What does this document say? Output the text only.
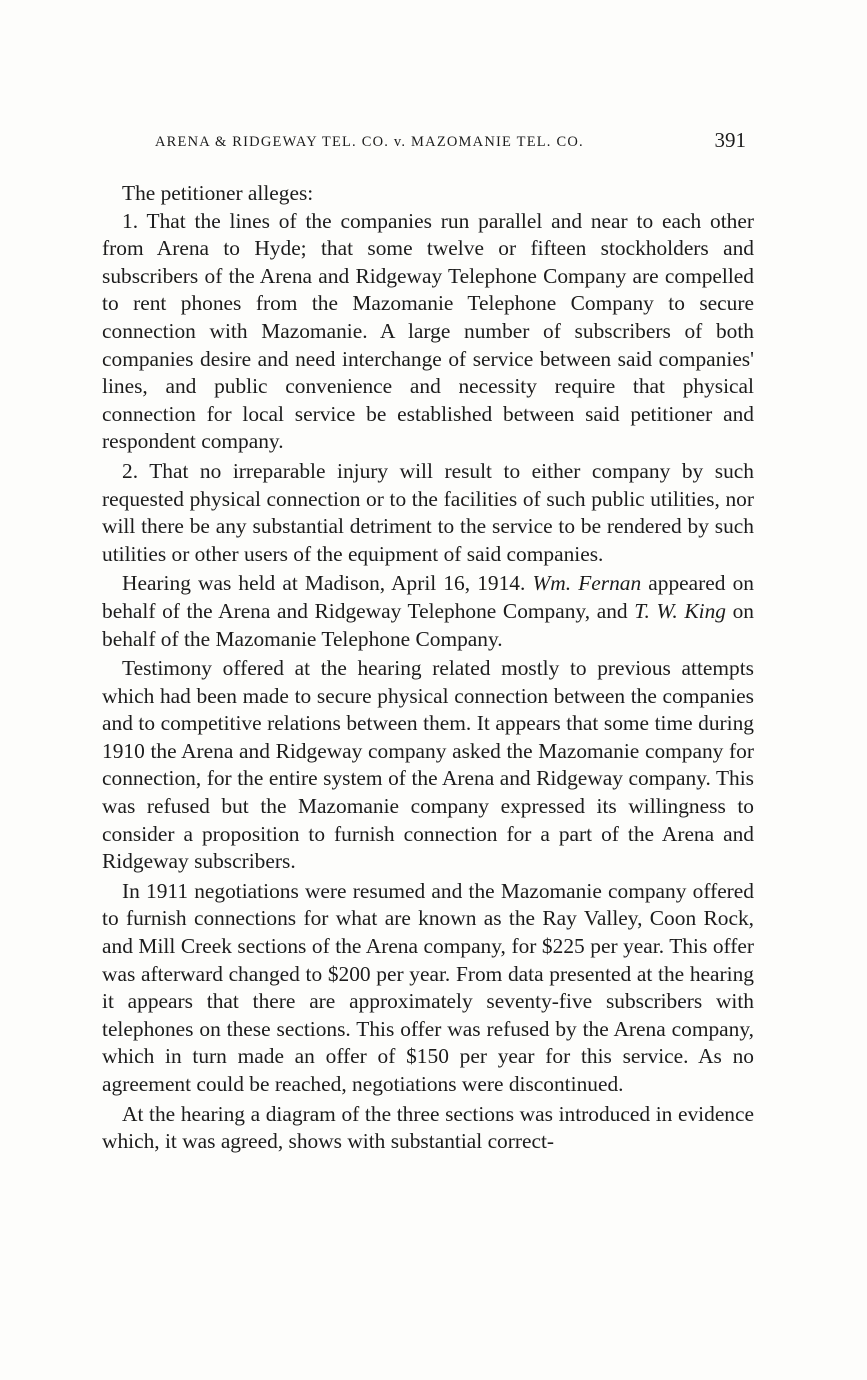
ARENA & RIDGEWAY TEL. CO. v. MAZOMANIE TEL. CO.	391

The petitioner alleges:

1. That the lines of the companies run parallel and near to each other from Arena to Hyde; that some twelve or fifteen stockholders and subscribers of the Arena and Ridgeway Telephone Company are compelled to rent phones from the Mazomanie Telephone Company to secure connection with Mazomanie. A large number of subscribers of both companies desire and need interchange of service between said companies' lines, and public convenience and necessity require that physical connection for local service be established between said petitioner and respondent company.

2. That no irreparable injury will result to either company by such requested physical connection or to the facilities of such public utilities, nor will there be any substantial detriment to the service to be rendered by such utilities or other users of the equipment of said companies.

Hearing was held at Madison, April 16, 1914. Wm. Fernan appeared on behalf of the Arena and Ridgeway Telephone Company, and T. W. King on behalf of the Mazomanie Telephone Company.

Testimony offered at the hearing related mostly to previous attempts which had been made to secure physical connection between the companies and to competitive relations between them. It appears that some time during 1910 the Arena and Ridgeway company asked the Mazomanie company for connection, for the entire system of the Arena and Ridgeway company. This was refused but the Mazomanie company expressed its willingness to consider a proposition to furnish connection for a part of the Arena and Ridgeway subscribers.

In 1911 negotiations were resumed and the Mazomanie company offered to furnish connections for what are known as the Ray Valley, Coon Rock, and Mill Creek sections of the Arena company, for $225 per year. This offer was afterward changed to $200 per year. From data presented at the hearing it appears that there are approximately seventy-five subscribers with telephones on these sections. This offer was refused by the Arena company, which in turn made an offer of $150 per year for this service. As no agreement could be reached, negotiations were discontinued.

At the hearing a diagram of the three sections was introduced in evidence which, it was agreed, shows with substantial correct-
